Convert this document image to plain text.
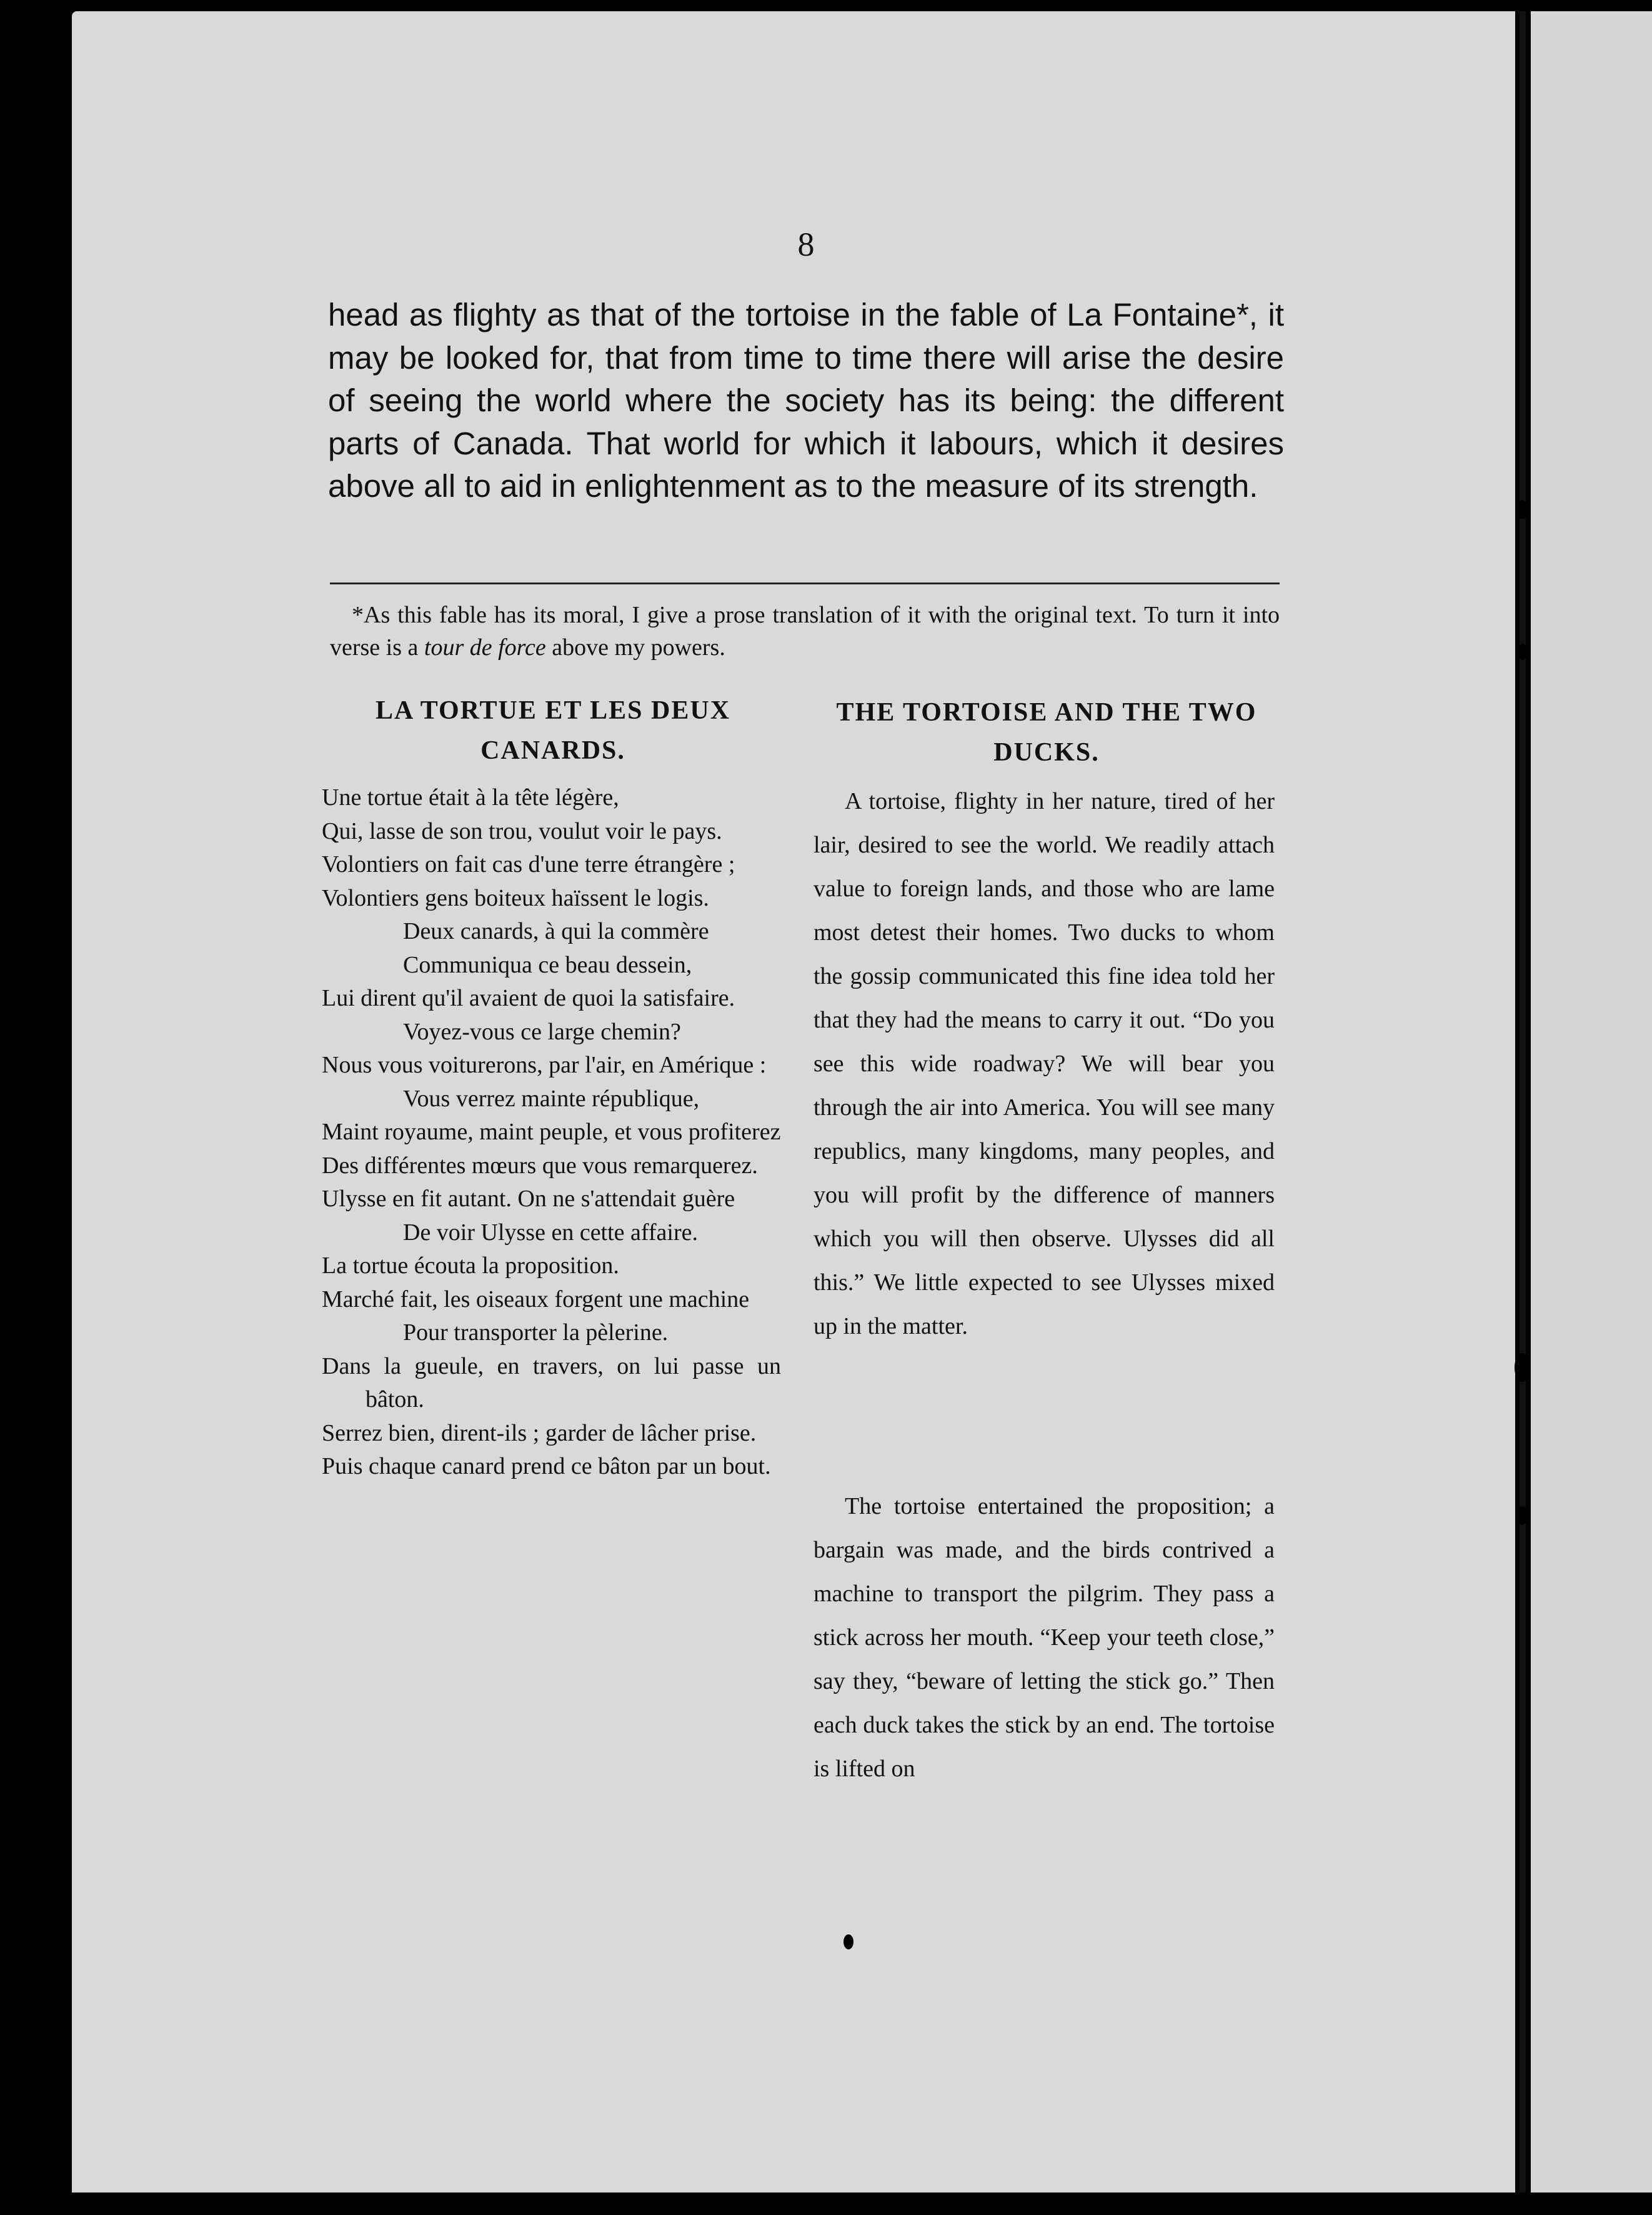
8

head as flighty as that of the tortoise in the fable of La Fontaine*, it may be looked for, that from time to time there will arise the desire of seeing the world where the society has its being: the different parts of Canada. That world for which it labours, which it desires above all to aid in enlightenment as to the measure of its strength.

*As this fable has its moral, I give a prose translation of it with the original text. To turn it into verse is a tour de force above my powers.

LA TORTUE ET LES DEUX CANARDS.
THE TORTOISE AND THE TWO DUCKS.
Une tortue était à la tête légère,
Qui, lasse de son trou, voulut voir le pays.
Volontiers on fait cas d'une terre étrangère ;
Volontiers gens boiteux haïssent le logis.
Deux canards, à qui la commère
Communiqua ce beau dessein,
Lui dirent qu'il avaient de quoi la satisfaire.
Voyez-vous ce large chemin?
Nous vous voiturerons, par l'air, en Amérique :
Vous verrez mainte république,
Maint royaume, maint peuple, et vous profiterez
Des différentes mœurs que vous remarquerez.
Ulysse en fit autant. On ne s'attendait guère
De voir Ulysse en cette affaire.
La tortue écouta la proposition.
Marché fait, les oiseaux forgent une machine
Pour transporter la pèlerine.
Dans la gueule, en travers, on lui passe un bâton.
Serrez bien, dirent-ils ; garder de lâcher prise.
Puis chaque canard prend ce bâton par un bout.

A tortoise, flighty in her nature, tired of her lair, desired to see the world. We readily attach value to foreign lands, and those who are lame most detest their homes. Two ducks to whom the gossip communicated this fine idea told her that they had the means to carry it out. “Do you see this wide roadway? We will bear you through the air into America. You will see many republics, many kingdoms, many peoples, and you will profit by the difference of manners which you will then observe. Ulysses did all this.” We little expected to see Ulysses mixed up in the matter.

The tortoise entertained the proposition; a bargain was made, and the birds contrived a machine to transport the pilgrim. They pass a stick across her mouth. “Keep your teeth close,” say they, “beware of letting the stick go.” Then each duck takes the stick by an end. The tortoise is lifted on
